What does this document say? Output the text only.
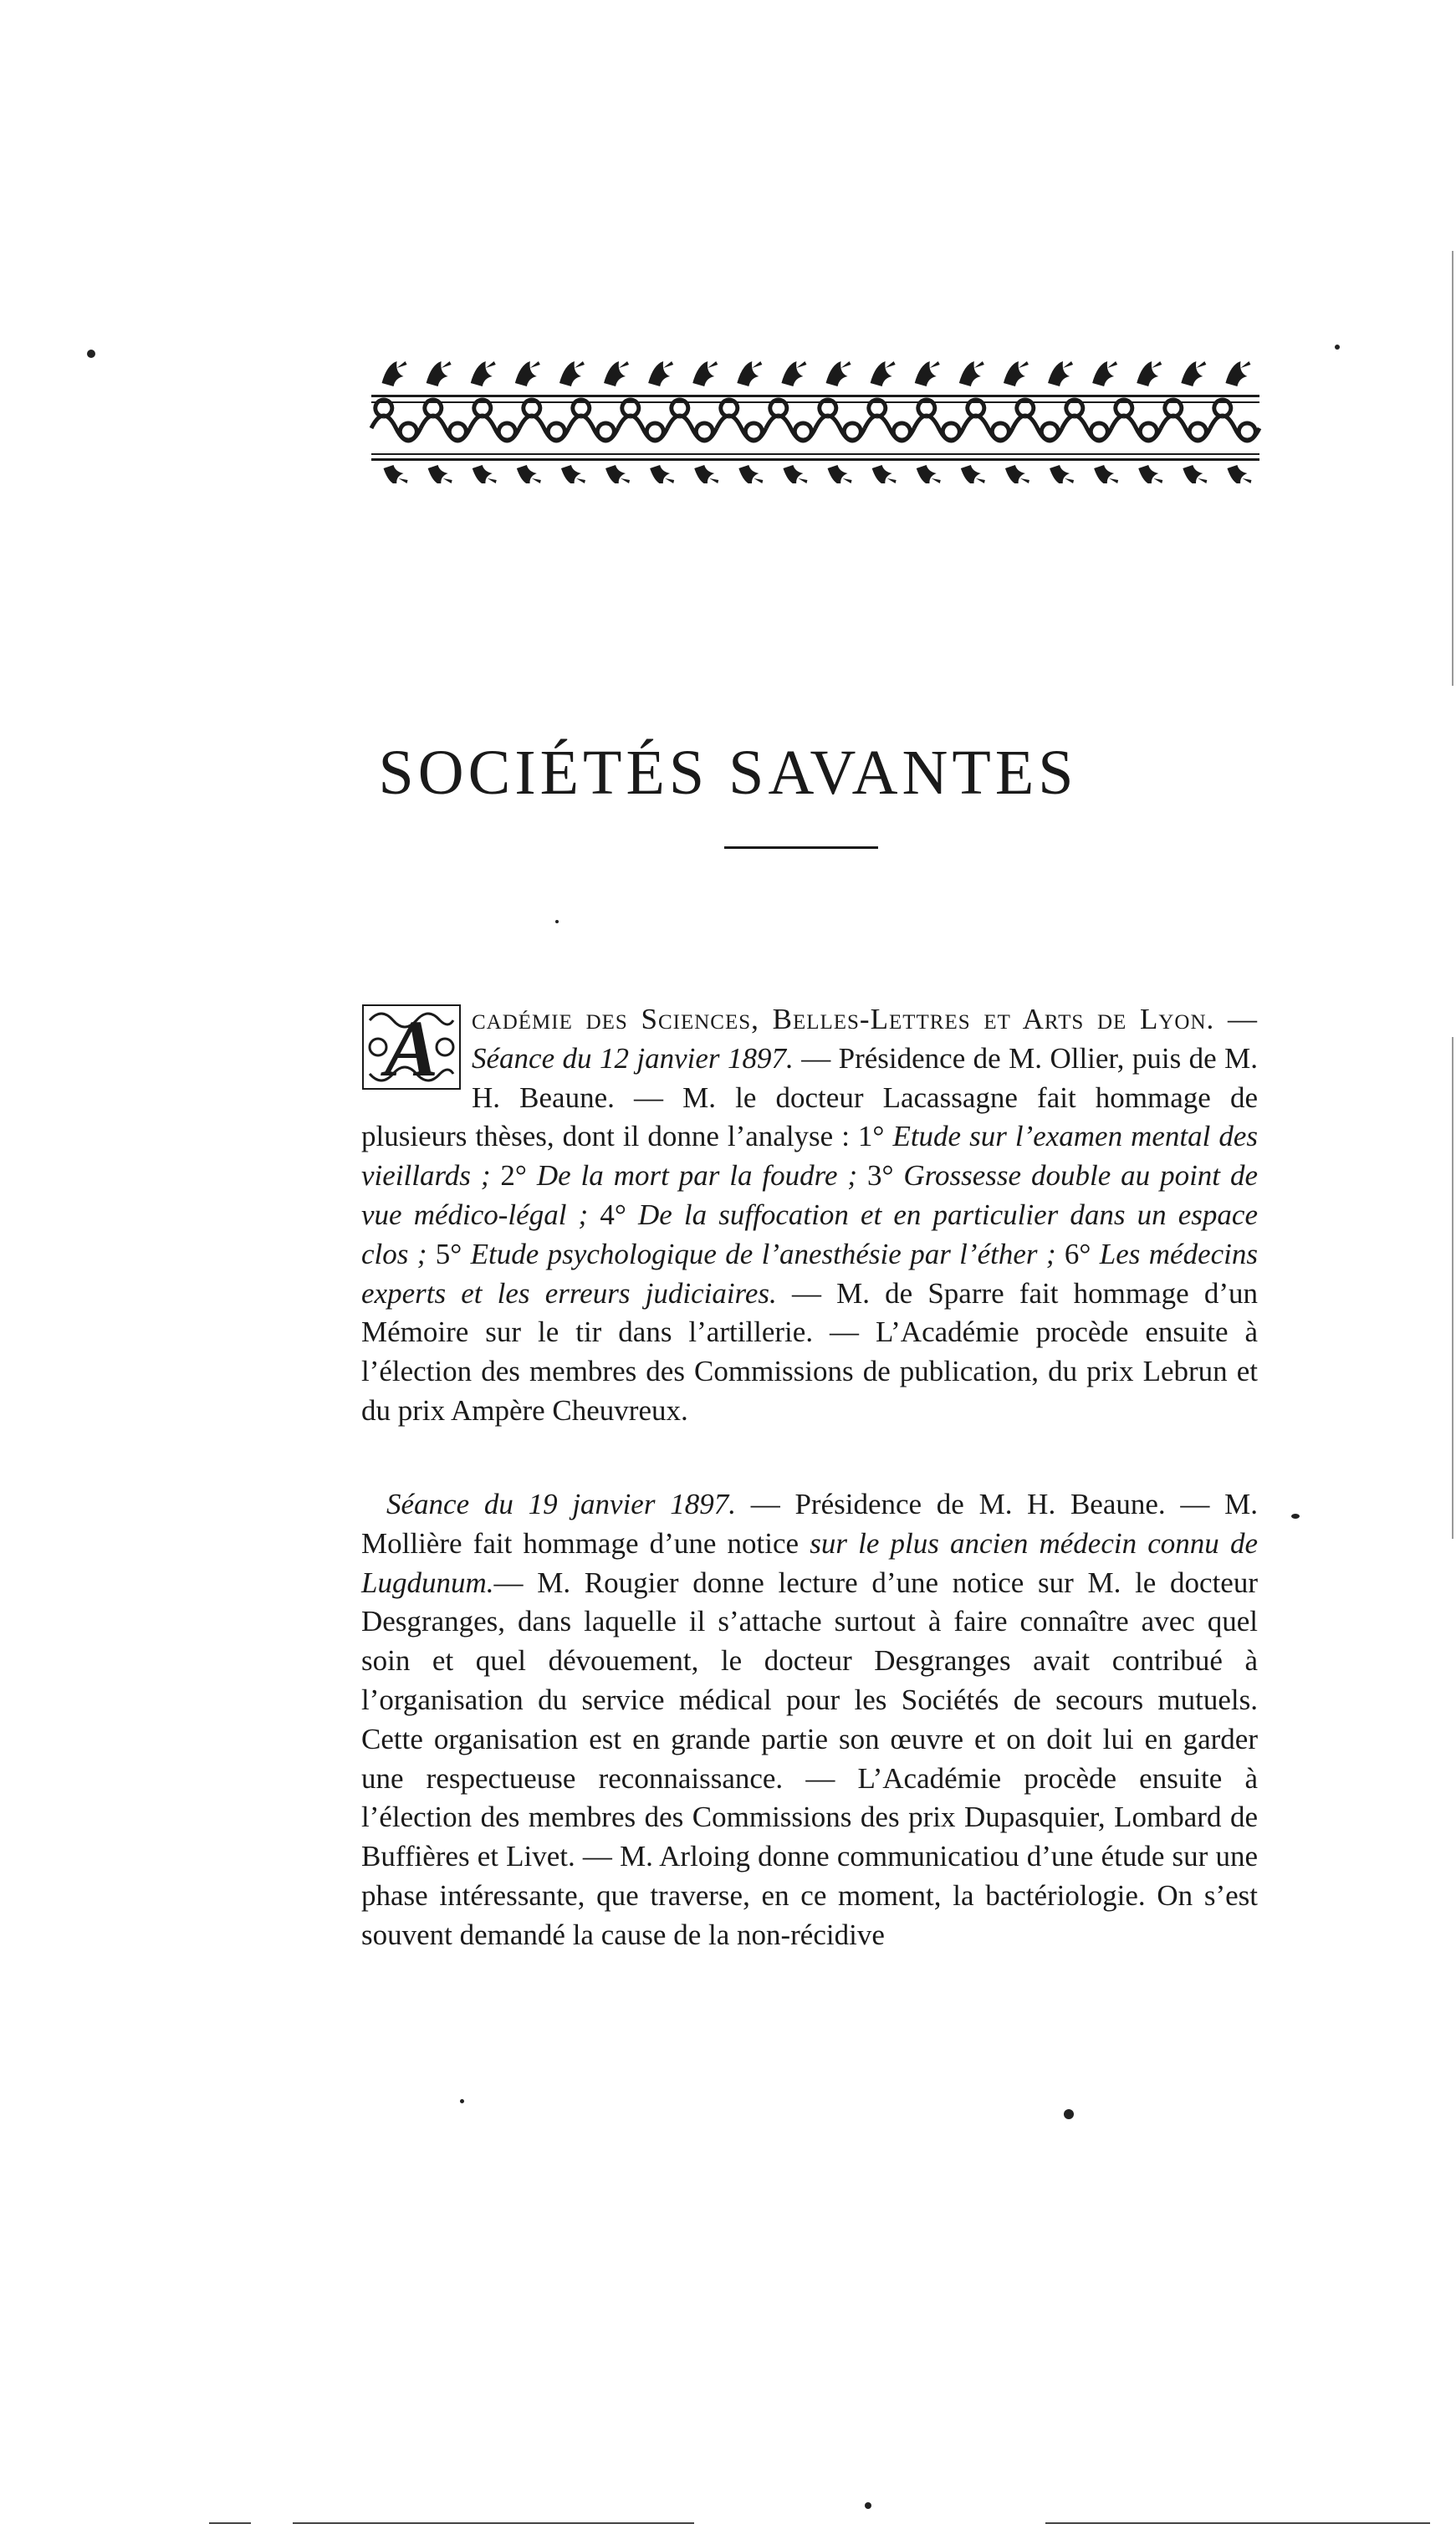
SOCIÉTÉS SAVANTES
A cadémie des Sciences, Belles-Lettres et Arts de Lyon. — Séance du 12 janvier 1897. — Présidence de M. Ollier, puis de M. H. Beaune. — M. le docteur Lacassagne fait hommage de plusieurs thèses, dont il donne l’analyse : 1° Etude sur l’examen mental des vieillards ; 2° De la mort par la foudre ; 3° Grossesse double au point de vue médico-légal ; 4° De la suffocation et en particulier dans un espace clos ; 5° Etude psychologique de l’anesthésie par l’éther ; 6° Les médecins experts et les erreurs judiciaires. — M. de Sparre fait hommage d’un Mémoire sur le tir dans l’artillerie. — L’Académie procède ensuite à l’élection des membres des Commissions de publication, du prix Lebrun et du prix Ampère Cheuvreux.
Séance du 19 janvier 1897. — Présidence de M. H. Beaune. — M. Mollière fait hommage d’une notice sur le plus ancien médecin connu de Lugdunum.— M. Rougier donne lecture d’une notice sur M. le docteur Desgranges, dans laquelle il s’attache surtout à faire connaître avec quel soin et quel dévouement, le docteur Desgranges avait contribué à l’organisation du service médical pour les Sociétés de secours mutuels. Cette organisation est en grande partie son œuvre et on doit lui en garder une respectueuse reconnaissance. — L’Académie procède ensuite à l’élection des membres des Commissions des prix Dupasquier, Lombard de Buffières et Livet. — M. Arloing donne communicatiou d’une étude sur une phase intéressante, que traverse, en ce moment, la bactériologie. On s’est souvent demandé la cause de la non-récidive
